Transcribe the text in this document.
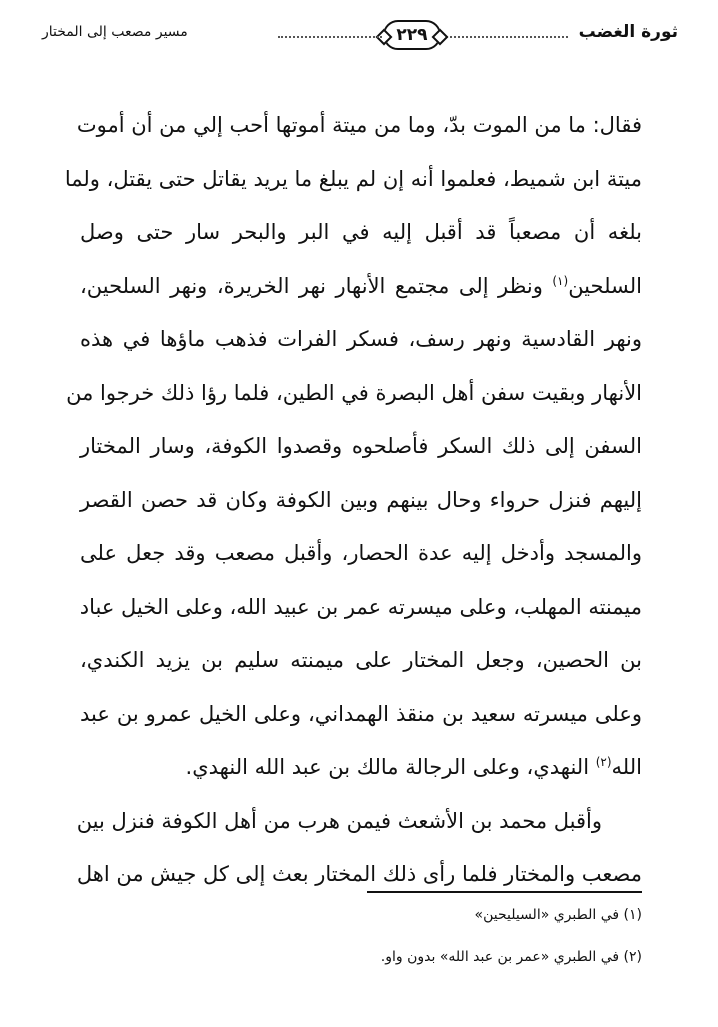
ثورة الغضب
٢٢٩
مسير مصعب إلى المختار
فقال: ما من الموت بدّ، وما من ميتة أموتها أحب إلي من أن أموت
ميتة ابن شميط، فعلموا أنه إن لم يبلغ ما يريد يقاتل حتى يقتل، ولما
بلغه أن مصعباً قد أقبل إليه في البر والبحر سار حتى وصل
السلحين$^{(١)}$ ونظر إلى مجتمع الأنهار نهر الخريرة، ونهر السلحين،
ونهر القادسية ونهر رسف، فسكر الفرات فذهب ماؤها في هذه
الأنهار وبقيت سفن أهل البصرة في الطين، فلما رؤا ذلك خرجوا من
السفن إلى ذلك السكر فأصلحوه وقصدوا الكوفة، وسار المختار
إليهم فنزل حرواء وحال بينهم وبين الكوفة وكان قد حصن القصر
والمسجد وأدخل إليه عدة الحصار، وأقبل مصعب وقد جعل على
ميمنته المهلب، وعلى ميسرته عمر بن عبيد الله، وعلى الخيل عباد
بن الحصين، وجعل المختار على ميمنته سليم بن يزيد الكندي،
وعلى ميسرته سعيد بن منقذ الهمداني، وعلى الخيل عمرو بن عبد
الله$^{(٢)}$ النهدي، وعلى الرجالة مالك بن عبد الله النهدي.
وأقبل محمد بن الأشعث فيمن هرب من أهل الكوفة فنزل بين
مصعب والمختار فلما رأى ذلك المختار بعث إلى كل جيش من اهل
(١) في الطبري «السيليحين»
(٢) في الطبري «عمر بن عبد الله» بدون واو.
